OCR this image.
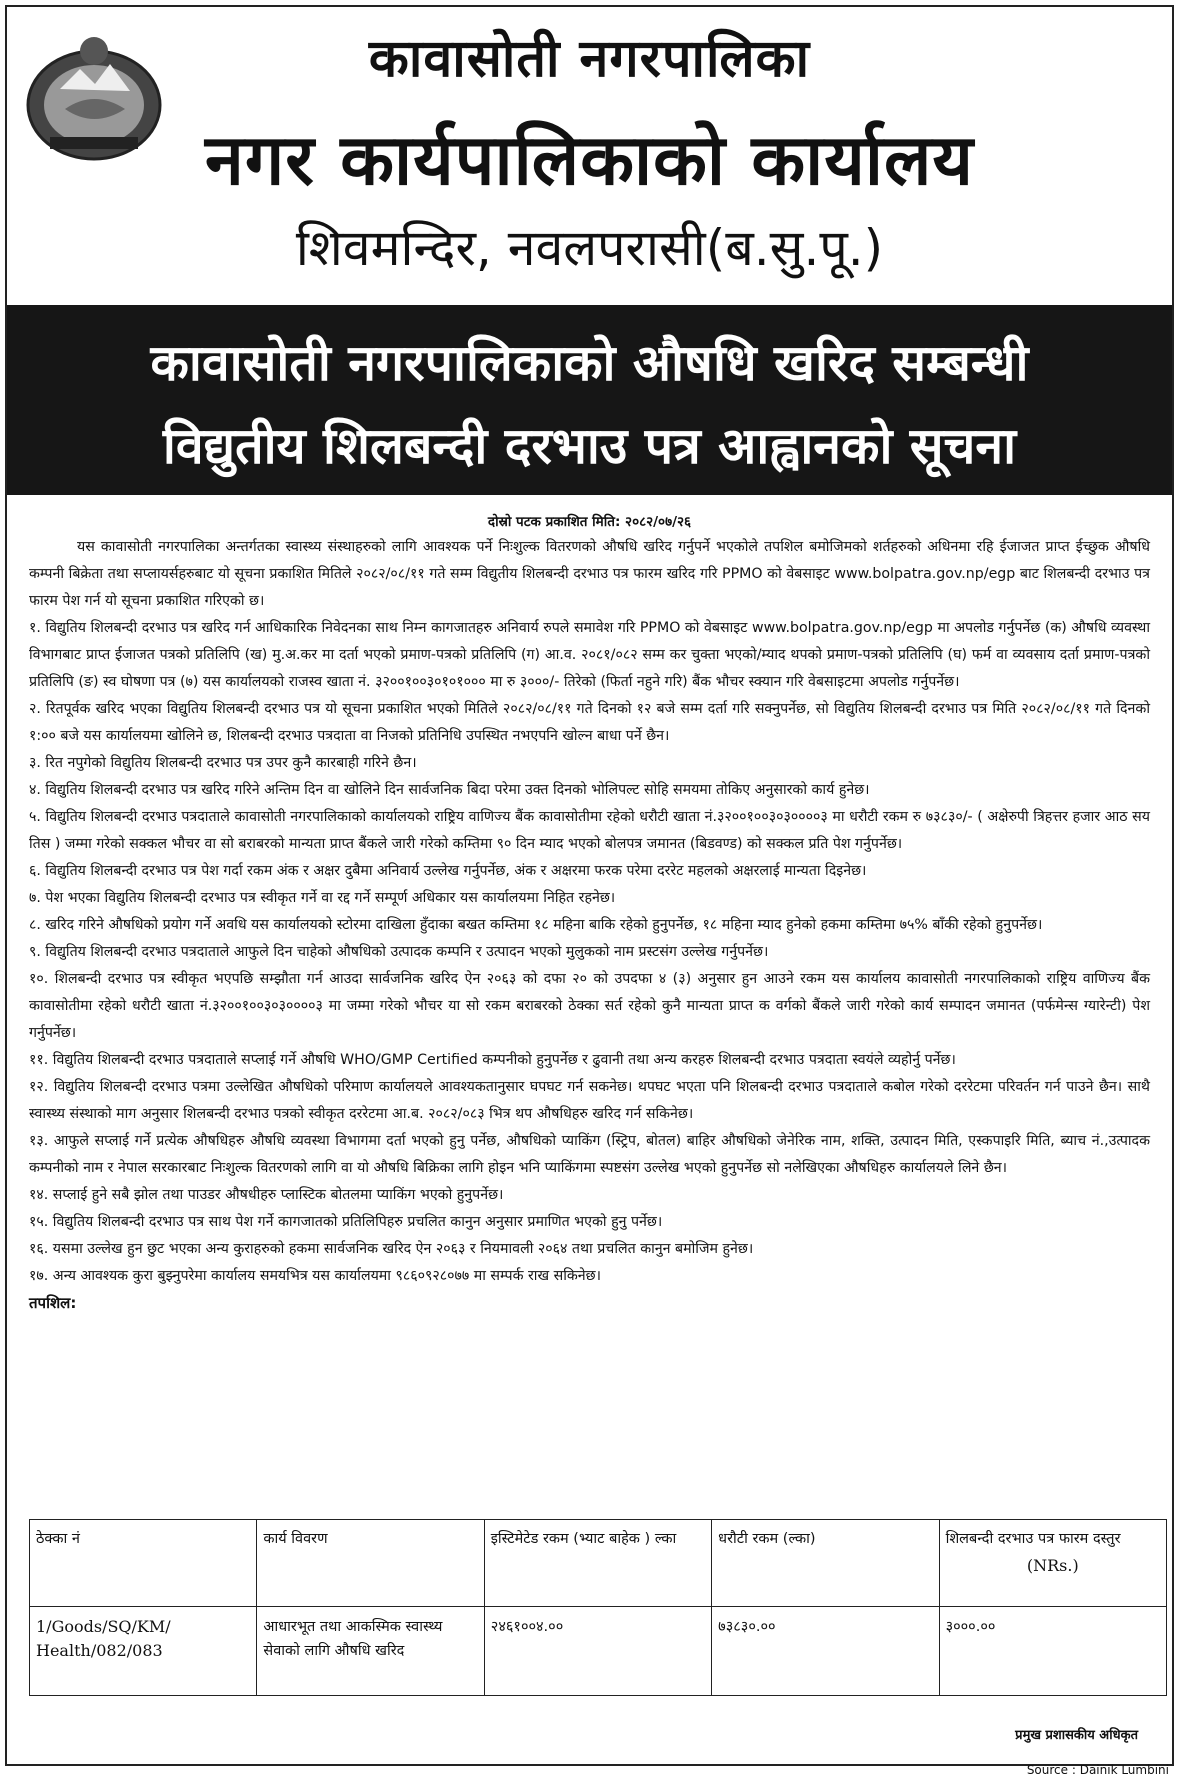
कावासोती नगरपालिका
नगर कार्यपालिकाको कार्यालय
शिवमन्दिर, नवलपरासी(ब.सु.पू.)
कावासोती नगरपालिकाको औषधि खरिद सम्बन्धी
विद्युतीय शिलबन्दी दरभाउ पत्र आह्वानको सूचना
दोस्रो पटक प्रकाशित मिति: २०८२/०७/२६
यस कावासोती नगरपालिका अन्तर्गतका स्वास्थ्य संस्थाहरुको लागि आवश्यक पर्ने निःशुल्क वितरणको औषधि खरिद गर्नुपर्ने भएकोले तपशिल बमोजिमको शर्तहरुको अधिनमा रहि ईजाजत प्राप्त ईच्छुक औषधि कम्पनी बिक्रेता तथा सप्लायर्सहरुबाट यो सूचना प्रकाशित मितिले २०८२/०८/११ गते सम्म विद्युतीय शिलबन्दी दरभाउ पत्र फारम खरिद गरि PPMO को वेबसाइट www.bolpatra.gov.np/egp बाट शिलबन्दी दरभाउ पत्र फारम पेश गर्न यो सूचना प्रकाशित गरिएको छ।
१. विद्युतिय शिलबन्दी दरभाउ पत्र खरिद गर्न आधिकारिक निवेदनका साथ निम्न कागजातहरु अनिवार्य रुपले समावेश गरि PPMO को वेबसाइट www.bolpatra.gov.np/egp मा अपलोड गर्नुपर्नेछ (क) औषधि व्यवस्था विभागबाट प्राप्त ईजाजत पत्रको प्रतिलिपि (ख) मु.अ.कर मा दर्ता भएको प्रमाण-पत्रको प्रतिलिपि (ग) आ.व. २०८१/०८२ सम्म कर चुक्ता भएको/म्याद थपको प्रमाण-पत्रको प्रतिलिपि (घ) फर्म वा व्यवसाय दर्ता प्रमाण-पत्रको प्रतिलिपि (ङ) स्व घोषणा पत्र (७) यस कार्यालयको राजस्व खाता नं. ३२००१००३०१०१००० मा रु ३०००/- तिरेको (फिर्ता नहुने गरि) बैंक भौचर स्क्यान गरि वेबसाइटमा अपलोड गर्नुपर्नेछ।
२. रितपूर्वक खरिद भएका विद्युतिय शिलबन्दी दरभाउ पत्र यो सूचना प्रकाशित भएको मितिले २०८२/०८/११ गते दिनको १२ बजे सम्म दर्ता गरि सक्नुपर्नेछ, सो विद्युतिय शिलबन्दी दरभाउ पत्र मिति २०८२/०८/११ गते दिनको १:०० बजे यस कार्यालयमा खोलिने छ, शिलबन्दी दरभाउ पत्रदाता वा निजको प्रतिनिधि उपस्थित नभएपनि खोल्न बाधा पर्ने छैन।
३. रित नपुगेको विद्युतिय शिलबन्दी दरभाउ पत्र उपर कुनै कारबाही गरिने छैन।
४. विद्युतिय शिलबन्दी दरभाउ पत्र खरिद गरिने अन्तिम दिन वा खोलिने दिन सार्वजनिक बिदा परेमा उक्त दिनको भोलिपल्ट सोहि समयमा तोकिए अनुसारको कार्य हुनेछ।
५. विद्युतिय शिलबन्दी दरभाउ पत्रदाताले कावासोती नगरपालिकाको कार्यालयको राष्ट्रिय वाणिज्य बैंक कावासोतीमा रहेको धरौटी खाता नं.३२००१००३०३००००३ मा धरौटी रकम रु ७३८३०/- ( अक्षेरुपी त्रिहत्तर हजार आठ सय तिस ) जम्मा गरेको सक्कल भौचर वा सो बराबरको मान्यता प्राप्त बैंकले जारी गरेको कम्तिमा ९० दिन म्याद भएको बोलपत्र जमानत (बिडवण्ड) को सक्कल प्रति पेश गर्नुपर्नेछ।
६. विद्युतिय शिलबन्दी दरभाउ पत्र पेश गर्दा रकम अंक र अक्षर दुबैमा अनिवार्य उल्लेख गर्नुपर्नेछ, अंक र अक्षरमा फरक परेमा दररेट महलको अक्षरलाई मान्यता दिइनेछ।
७. पेश भएका विद्युतिय शिलबन्दी दरभाउ पत्र स्वीकृत गर्ने वा रद्द गर्ने सम्पूर्ण अधिकार यस कार्यालयमा निहित रहनेछ।
८. खरिद गरिने औषधिको प्रयोग गर्ने अवधि यस कार्यालयको स्टोरमा दाखिला हुँदाका बखत कम्तिमा १८ महिना बाकि रहेको हुनुपर्नेछ, १८ महिना म्याद हुनेको हकमा कम्तिमा ७५% बाँकी रहेको हुनुपर्नेछ।
९. विद्युतिय शिलबन्दी दरभाउ पत्रदाताले आफुले दिन चाहेको औषधिको उत्पादक कम्पनि र उत्पादन भएको मुलुकको नाम प्रस्टसंग उल्लेख गर्नुपर्नेछ।
१०. शिलबन्दी दरभाउ पत्र स्वीकृत भएपछि सम्झौता गर्न आउदा सार्वजनिक खरिद ऐन २०६३ को दफा २० को उपदफा ४ (३) अनुसार हुन आउने रकम यस कार्यालय कावासोती नगरपालिकाको राष्ट्रिय वाणिज्य बैंक कावासोतीमा रहेको धरौटी खाता नं.३२००१००३०३००००३ मा जम्मा गरेको भौचर या सो रकम बराबरको ठेक्का सर्त रहेको कुनै मान्यता प्राप्त क वर्गको बैंकले जारी गरेको कार्य सम्पादन जमानत (पर्फमेन्स ग्यारेन्टी) पेश गर्नुपर्नेछ।
११. विद्युतिय शिलबन्दी दरभाउ पत्रदाताले सप्लाई गर्ने औषधि WHO/GMP Certified कम्पनीको हुनुपर्नेछ र ढुवानी तथा अन्य करहरु शिलबन्दी दरभाउ पत्रदाता स्वयंले व्यहोर्नु पर्नेछ।
१२. विद्युतिय शिलबन्दी दरभाउ पत्रमा उल्लेखित औषधिको परिमाण कार्यालयले आवश्यकतानुसार घपघट गर्न सकनेछ। थपघट भएता पनि शिलबन्दी दरभाउ पत्रदाताले कबोल गरेको दररेटमा परिवर्तन गर्न पाउने छैन। साथै स्वास्थ्य संस्थाको माग अनुसार शिलबन्दी दरभाउ पत्रको स्वीकृत दररेटमा आ.ब. २०८२/०८३ भित्र थप औषधिहरु खरिद गर्न सकिनेछ।
१३. आफुले सप्लाई गर्ने प्रत्येक औषधिहरु औषधि व्यवस्था विभागमा दर्ता भएको हुनु पर्नेछ, औषधिको प्याकिंग (स्ट्रिप, बोतल) बाहिर औषधिको जेनेरिक नाम, शक्ति, उत्पादन मिति, एस्कपाइरि मिति, ब्याच नं.,उत्पादक कम्पनीको नाम र नेपाल सरकारबाट निःशुल्क वितरणको लागि वा यो औषधि बिक्रिका लागि होइन भनि प्याकिंगमा स्पष्टसंग उल्लेख भएको हुनुपर्नेछ सो नलेखिएका औषधिहरु कार्यालयले लिने छैन।
१४. सप्लाई हुने सबै झोल तथा पाउडर औषधीहरु प्लास्टिक बोतलमा प्याकिंग भएको हुनुपर्नेछ।
१५. विद्युतिय शिलबन्दी दरभाउ पत्र साथ पेश गर्ने कागजातको प्रतिलिपिहरु प्रचलित कानुन अनुसार प्रमाणित भएको हुनु पर्नेछ।
१६. यसमा उल्लेख हुन छुट भएका अन्य कुराहरुको हकमा सार्वजनिक खरिद ऐन २०६३ र नियमावली २०६४ तथा प्रचलित कानुन बमोजिम हुनेछ।
१७. अन्य आवश्यक कुरा बुझ्नुपरेमा कार्यालय समयभित्र यस कार्यालयमा ९८६०९२८०७७ मा सम्पर्क राख सकिनेछ।
तपशिल:
ठेक्का नं	कार्य विवरण	इस्टिमेटेड रकम (भ्याट बाहेक ) ल्का	धरौटी रकम (ल्का)	शिलबन्दी दरभाउ पत्र फारम दस्तुर
(NRs.)

1/Goods/SQ/KM/ Health/082/083	आधारभूत तथा आकस्मिक स्वास्थ्य सेवाको लागि औषधि खरिद	२४६१००४.००	७३८३०.००	३०००.००
प्रमुख प्रशासकीय अधिकृत
Source : Dainik Lumbini
